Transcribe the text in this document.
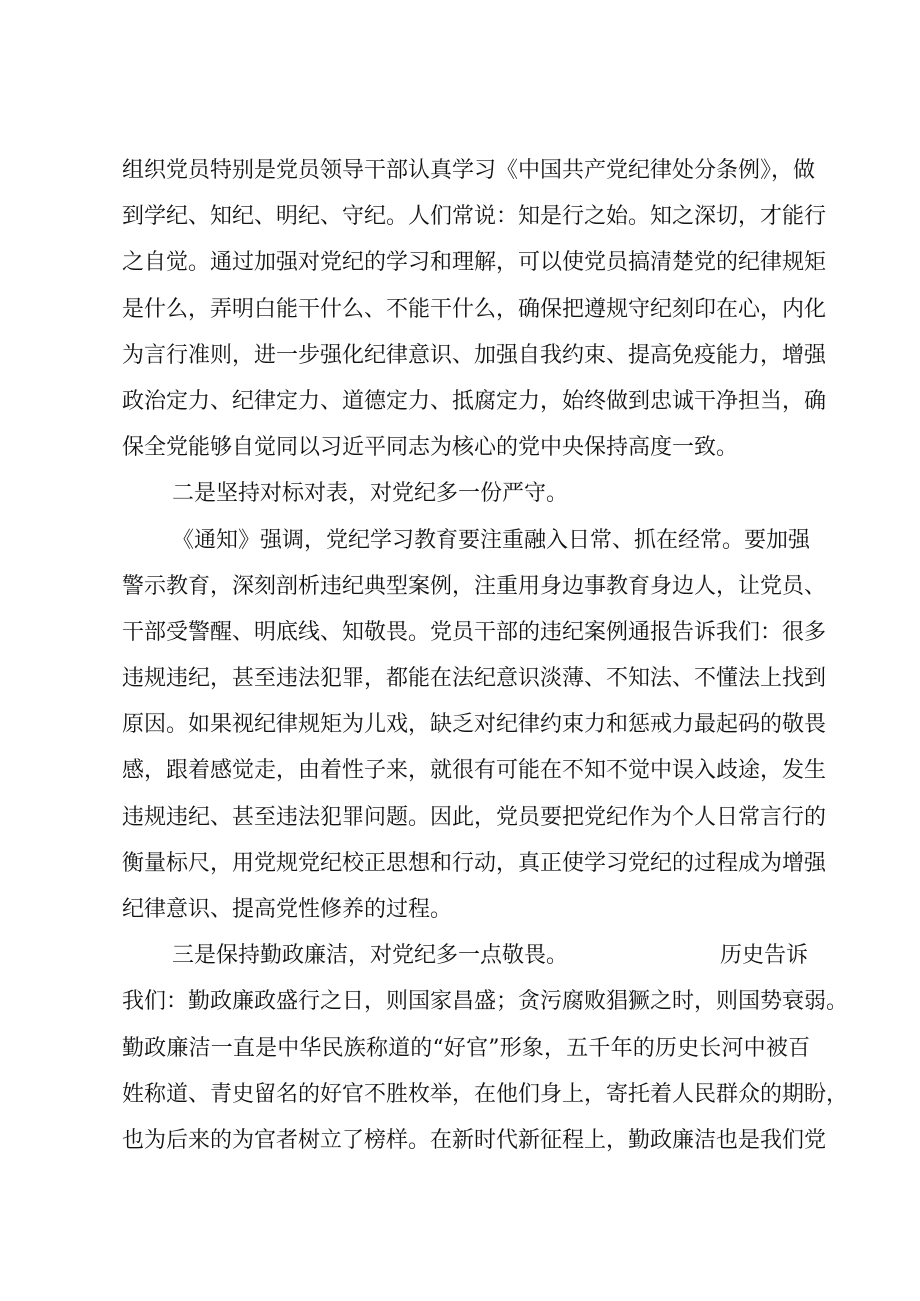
组织党员特别是党员领导干部认真学习《中国共产党纪律处分条例》，做
到学纪、知纪、明纪、守纪。人们常说：知是行之始。知之深切，才能行
之自觉。通过加强对党纪的学习和理解，可以使党员搞清楚党的纪律规矩
是什么，弄明白能干什么、不能干什么，确保把遵规守纪刻印在心，内化
为言行准则，进一步强化纪律意识、加强自我约束、提高免疫能力，增强
政治定力、纪律定力、道德定力、抵腐定力，始终做到忠诚干净担当，确
保全党能够自觉同以习近平同志为核心的党中央保持高度一致。
二是坚持对标对表，对党纪多一份严守。
《通知》强调，党纪学习教育要注重融入日常、抓在经常。要加强
警示教育，深刻剖析违纪典型案例，注重用身边事教育身边人，让党员、
干部受警醒、明底线、知敬畏。党员干部的违纪案例通报告诉我们：很多
违规违纪，甚至违法犯罪，都能在法纪意识淡薄、不知法、不懂法上找到
原因。如果视纪律规矩为儿戏，缺乏对纪律约束力和惩戒力最起码的敬畏
感，跟着感觉走，由着性子来，就很有可能在不知不觉中误入歧途，发生
违规违纪、甚至违法犯罪问题。因此，党员要把党纪作为个人日常言行的
衡量标尺，用党规党纪校正思想和行动，真正使学习党纪的过程成为增强
纪律意识、提高党性修养的过程。
三是保持勤政廉洁，对党纪多一点敬畏。	历史告诉
我们：勤政廉政盛行之日，则国家昌盛；贪污腐败猖獗之时，则国势衰弱。
勤政廉洁一直是中华民族称道的“好官”形象，五千年的历史长河中被百
姓称道、青史留名的好官不胜枚举，在他们身上，寄托着人民群众的期盼，
也为后来的为官者树立了榜样。在新时代新征程上，勤政廉洁也是我们党
